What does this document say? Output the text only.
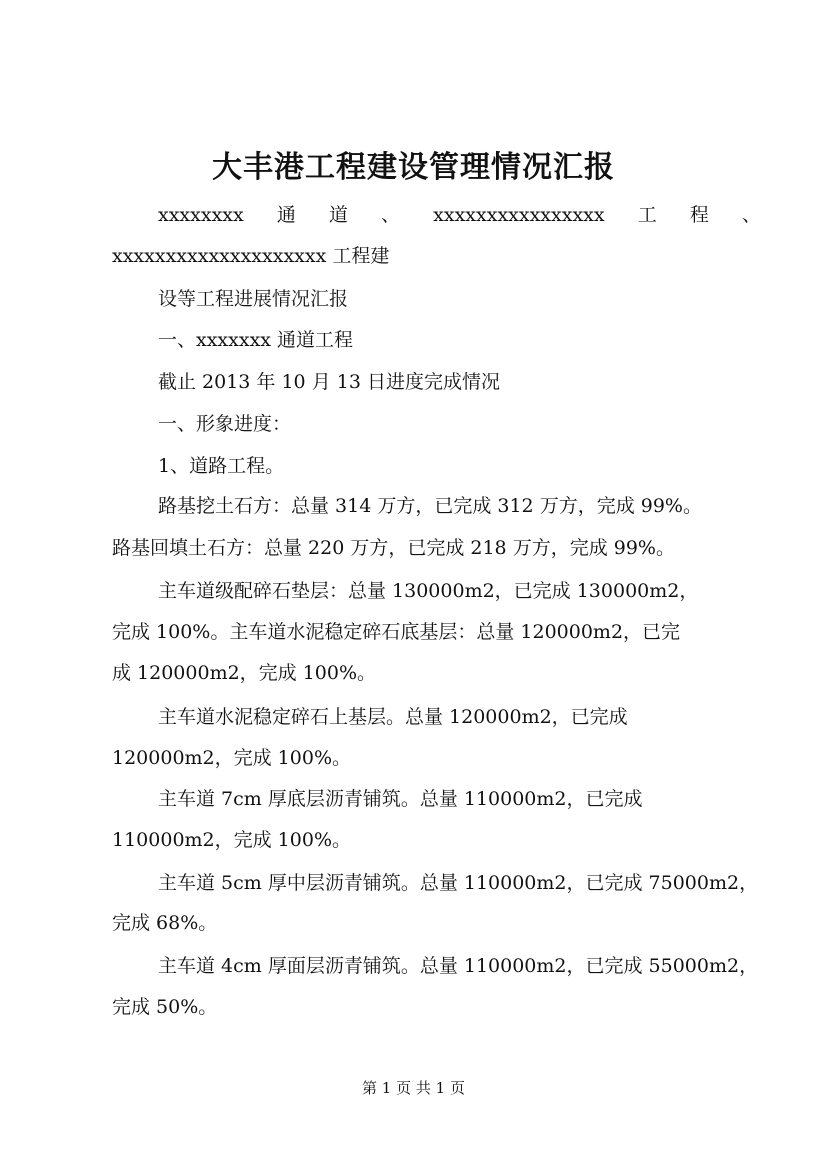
大丰港工程建设管理情况汇报
xxxxxxxx 通 道 、 xxxxxxxxxxxxxxxx 工 程 、
xxxxxxxxxxxxxxxxxxxx 工程建
设等工程进展情况汇报
一、xxxxxxx 通道工程
截止 2013 年 10 月 13 日进度完成情况
一、形象进度：
1、道路工程。
路基挖土石方：总量 314 万方，已完成 312 万方，完成 99%。
路基回填土石方：总量 220 万方，已完成 218 万方，完成 99%。
主车道级配碎石垫层：总量 130000m2，已完成 130000m2，
完成 100%。主车道水泥稳定碎石底基层：总量 120000m2，已完
成 120000m2，完成 100%。
主车道水泥稳定碎石上基层。总量 120000m2，已完成
120000m2，完成 100%。
主车道 7cm 厚底层沥青铺筑。总量 110000m2，已完成
110000m2，完成 100%。
主车道 5cm 厚中层沥青铺筑。总量 110000m2，已完成 75000m2，
完成 68%。
主车道 4cm 厚面层沥青铺筑。总量 110000m2，已完成 55000m2，
完成 50%。
第 1 页 共 1 页
